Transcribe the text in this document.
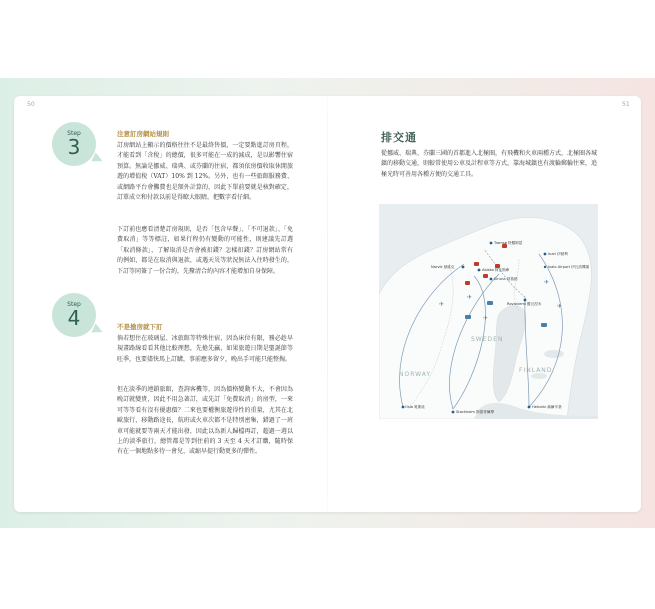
50
Step
3
注意訂房網站規則
訂房網站上顯示的價格往往不是最終售價，一定要點進訂房頁程，才能看到「含稅」的總價，很多可能在一成的減成，是以影響住宿預算。無論是挪威、瑞典、或芬蘭的住宿，都須依房價收取休閒旅遊的增值稅（VAT）10% 到 12%。另外，也有一些旅館服務費、或網路平台會攤費也是額外計算的，因此下單前要就是核對確定，訂單成立和付款以前是得瞭大眼睛，把數字看仔細。
下訂前也應看清楚訂房規則，是否「包含早餐」、「不可退款」、「免費取消」等等標註，如果行程仍有變動的可能性，則建議先訂選「取消條款」，了解取消是否會被扣錢？怎樣扣錢？訂房網站常有的例如，都是在取消與退款，或遇天災等狀況無法入住時發生的，下訂等同簽了一份合約，先釐清合約內容才能增加自身保障。
Step
4	不是搶房就下訂
倘若想住在玻璃屋、冰旅館等特殊住宿，因為床位有限，務必趁早規畫路線看看其他比較理想，先搶先贏，如果旅遊日期是聖誕節等旺季，也要儘快馬上訂購，事前應多留夕，晚出手可能只能整掏。
但在淡季的連鎖旅館，查詢客機等，因為價格變動不大，不會因為晚訂就變貴，因此不用急著訂，或先訂「免費取消」的房型，一來可等等看有沒有優惠價？二來也要權衡旅遊得性的重量，尤其在北歐旅行，移動路途長，航班或火車次都不是特別密集，錯過了一班車可能就要等兩天才能出發，因此以為新人歸檔再訂，超過一週以上的淡季旅行，總管都是等到住前的 3 天至 4 天才訂購，隨時保有在一個地點多待一會兒、或縮早提行動更多的彈性。
51
排交通
從挪威、瑞典、芬蘭三國的首都進入北極圈，有飛機和火車兩種方式，北極圈各城鎮的移動交通，則較常使用公車及計程車等方式，靠海城鎮也有渡輪郵輪往來，追極光時可善用各種方便的交通工具。
✈
✈
✈
✈
✈
Tromsø 特羅姆瑟
Narvik 納維克
Abisko 阿比斯庫
Kiruna 基魯納
Inari 伊納利
Ivalo Airport 伊瓦洛機場
Rovaniemi 羅瓦涅米
Oslo 奧斯陸
Stockholm 斯德哥爾摩
Helsinki 赫爾辛基
SWEDEN
NORWAY
FINLAND
